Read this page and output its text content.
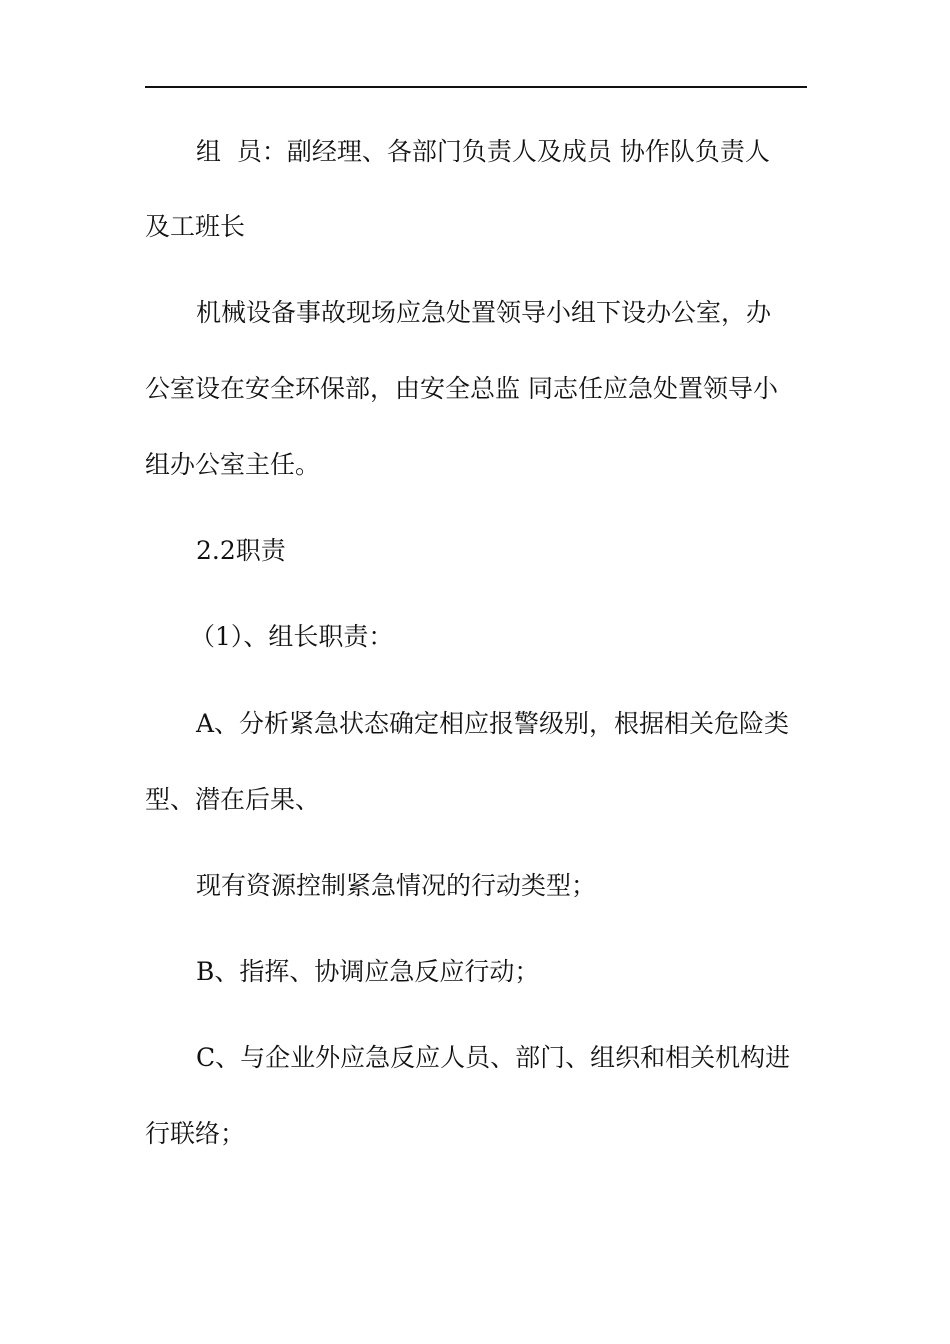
组  员：副经理、各部门负责人及成员 协作队负责人

及工班长

机械设备事故现场应急处置领导小组下设办公室，办

公室设在安全环保部，由安全总监 同志任应急处置领导小

组办公室主任。

2.2职责

（1）、组长职责：

A、分析紧急状态确定相应报警级别，根据相关危险类

型、潜在后果、

现有资源控制紧急情况的行动类型；

B、指挥、协调应急反应行动；

C、与企业外应急反应人员、部门、组织和相关机构进

行联络；
